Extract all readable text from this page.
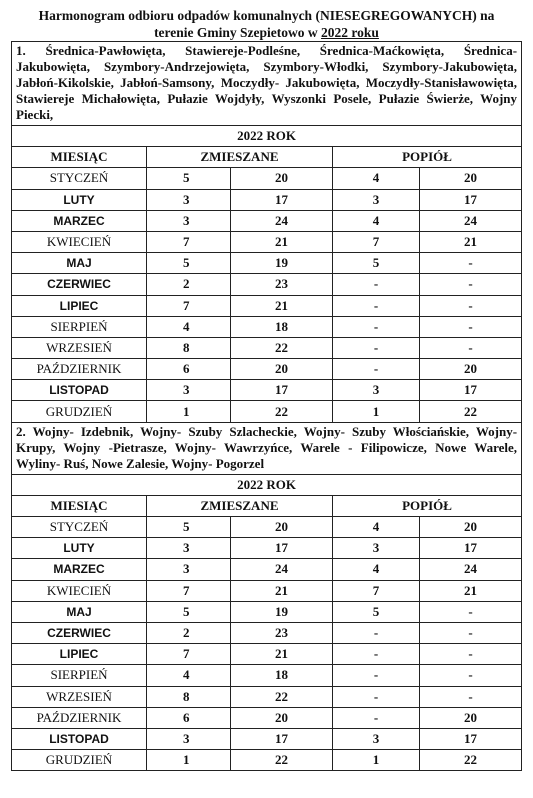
Harmonogram odbioru odpadów komunalnych (NIESEGREGOWANYCH) na
terenie Gminy Szepietowo w 2022 roku
1. Średnica-Pawłowięta, Stawiereje-Podleśne, Średnica-Maćkowięta, Średnica-Jakubowięta, Szymbory-Andrzejowięta, Szymbory-Włodki, Szymbory-Jakubowięta, Jabłoń-Kikolskie, Jabłoń-Samsony, Moczydły- Jakubowięta, Moczydły-Stanisławowięta, Stawiereje Michałowięta, Pułazie Wojdyły, Wyszonki Posele, Pułazie Świerże, Wojny Piecki,				
2022 ROK				
MIESIĄC	ZMIESZANE		POPIÓŁ	
STYCZEŃ	5	20	4	20
LUTY	3	17	3	17
MARZEC	3	24	4	24
KWIECIEŃ	7	21	7	21
MAJ	5	19	5	-
CZERWIEC	2	23	-	-
LIPIEC	7	21	-	-
SIERPIEŃ	4	18	-	-
WRZESIEŃ	8	22	-	-
PAŹDZIERNIK	6	20	-	20
LISTOPAD	3	17	3	17
GRUDZIEŃ	1	22	1	22
2. Wojny- Izdebnik, Wojny- Szuby Szlacheckie, Wojny- Szuby Włościańskie, Wojny-Krupy, Wojny -Pietrasze, Wojny- Wawrzyńce, Warele - Filipowicze, Nowe Warele, Wyliny- Ruś, Nowe Zalesie, Wojny- Pogorzel				
2022 ROK				
MIESIĄC	ZMIESZANE		POPIÓŁ	
STYCZEŃ	5	20	4	20
LUTY	3	17	3	17
MARZEC	3	24	4	24
KWIECIEŃ	7	21	7	21
MAJ	5	19	5	-
CZERWIEC	2	23	-	-
LIPIEC	7	21	-	-
SIERPIEŃ	4	18	-	-
WRZESIEŃ	8	22	-	-
PAŹDZIERNIK	6	20	-	20
LISTOPAD	3	17	3	17
GRUDZIEŃ	1	22	1	22
